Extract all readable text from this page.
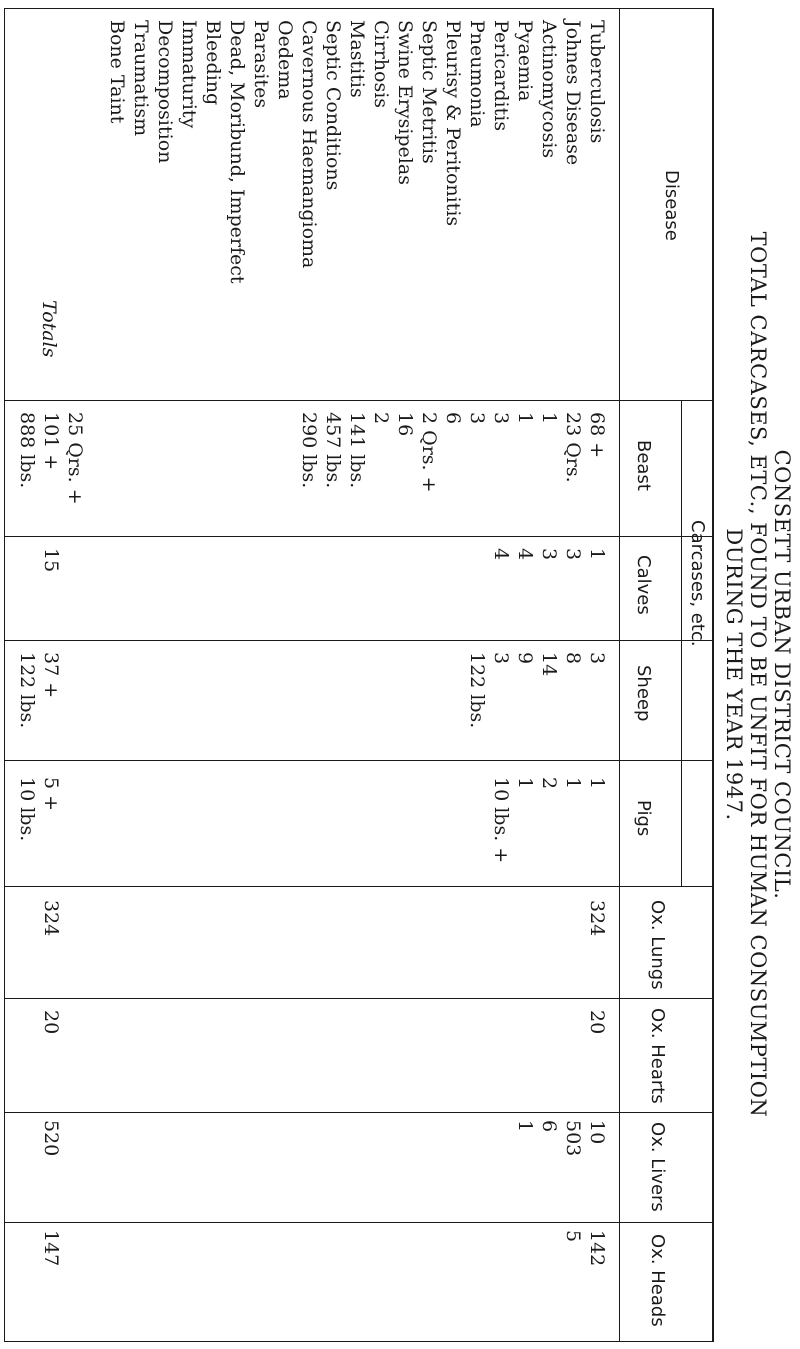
CONSETT URBAN DISTRICT COUNCIL.
TOTAL CARCASES, ETC., FOUND TO BE UNFIT FOR HUMAN CONSUMPTION
DURING THE YEAR 1947.
Disease
Carcases, etc.
Beast
Calves
Sheep
Pigs
Ox. Lungs
Ox. Hearts
Ox. Livers
Ox. Heads
Tuberculosis
Johnes Disease
Actinomycosis
Pyaemia
Pericarditis
Pneumonia
Pleurisy & Peritonitis
Septic Metritis
Swine Erysipelas
Cirrhosis
Mastitis
Septic Conditions
Cavernous Haemangioma
Oedema
Parasites
Dead, Moribund, Imperfect
Bleeding
Immaturity
Decomposition
Traumatism
Bone Taint
Totals
68 +
23 Qrs.
1
1
3
3
6
2 Qrs. +
16
2
141 lbs.
457 lbs.
290 lbs.
1
3
3
4
4
3
8
14
9
3
122 lbs.
1
1
2
1
10 lbs. +
324
20
10
503
6
1
142
5
25 Qrs. +
101 +
888 lbs.
15
37 +
122 lbs.
5 +
10 lbs.
324
20
520
147
